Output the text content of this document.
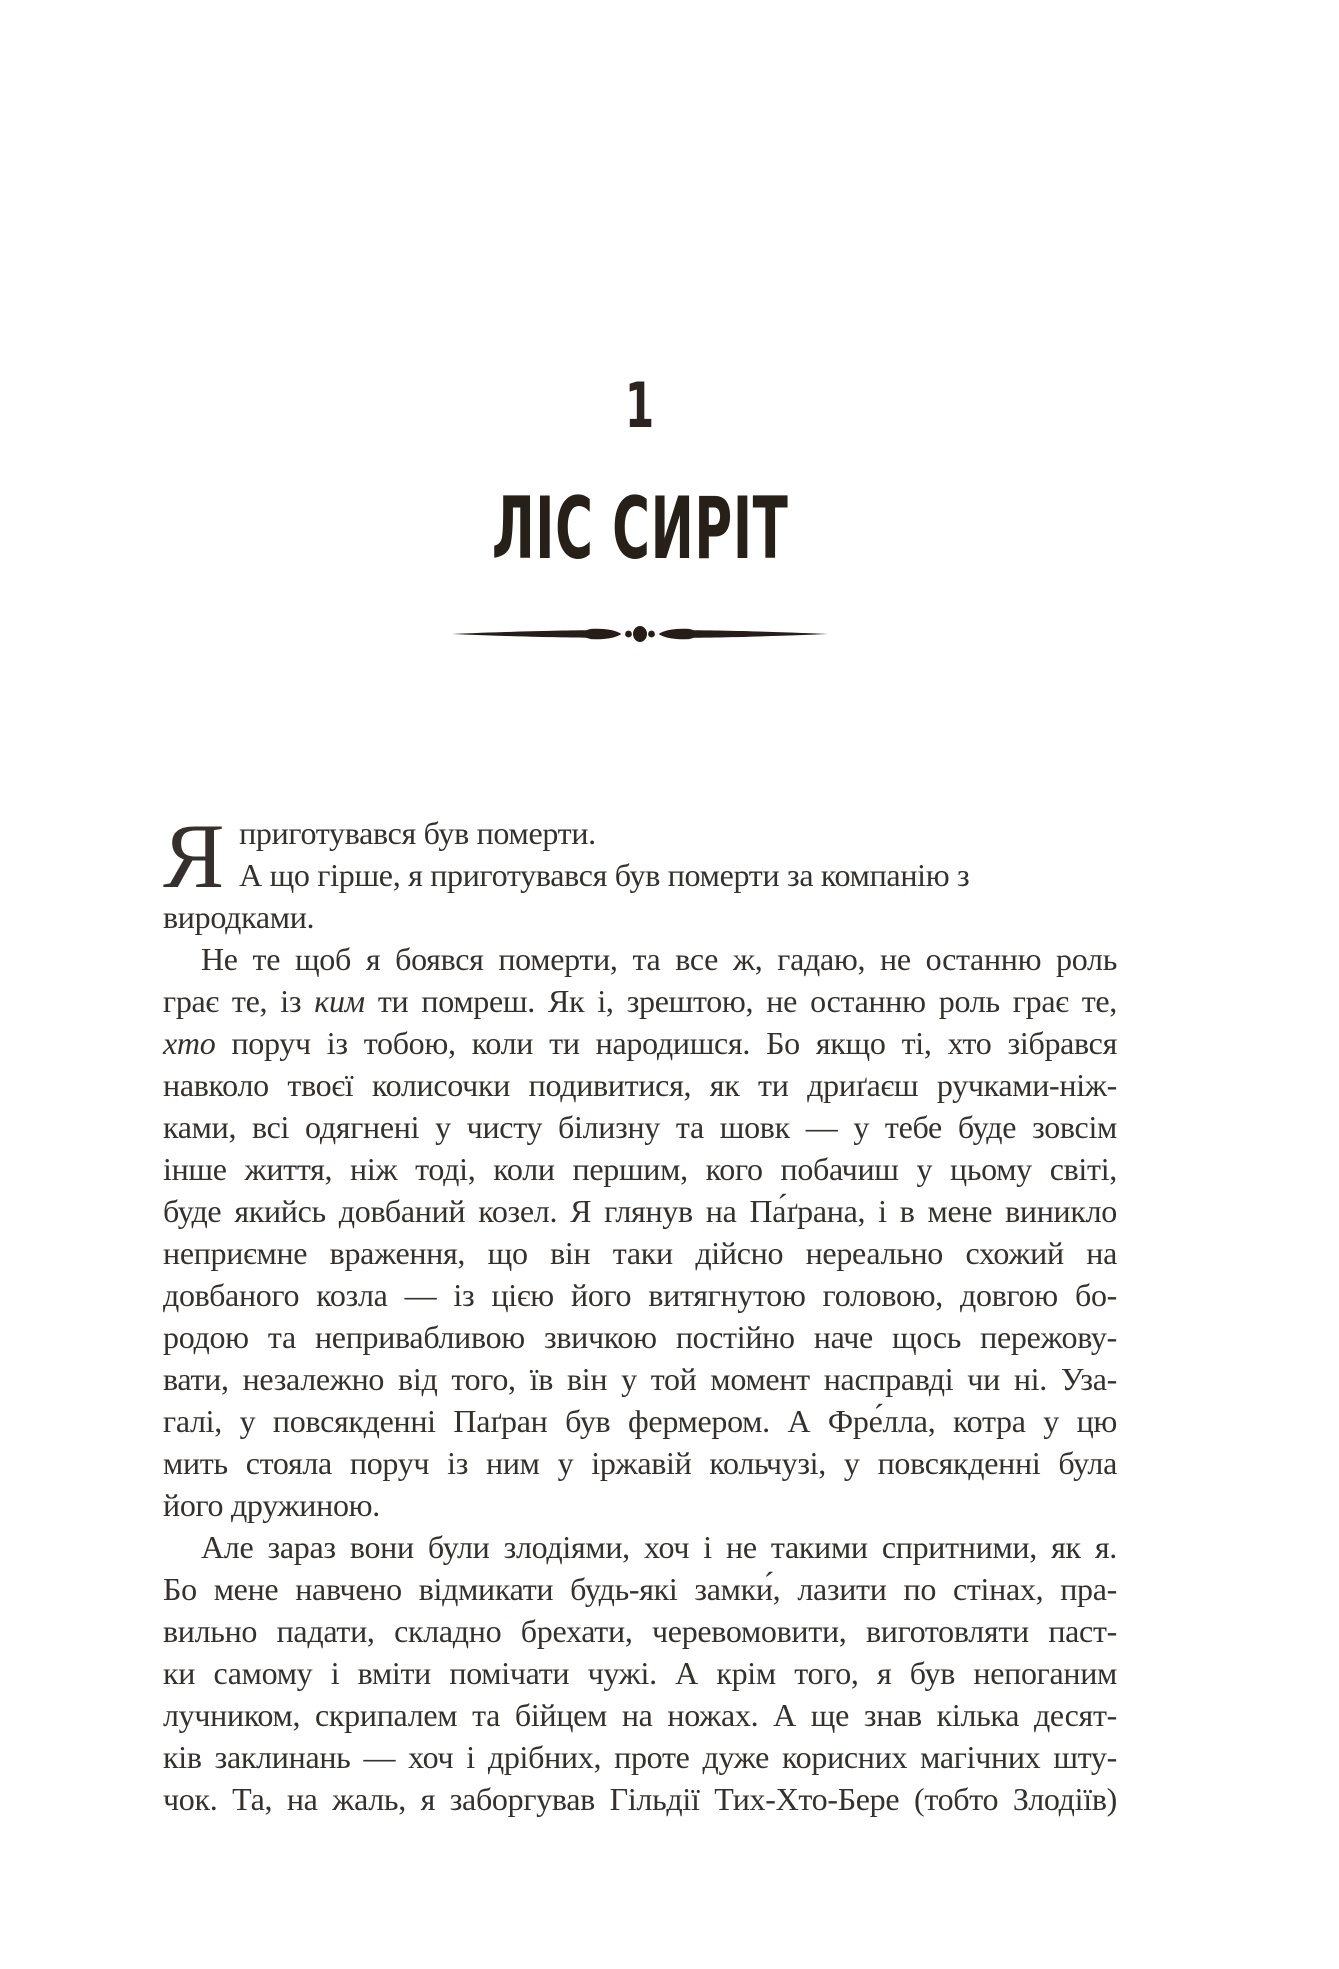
1
ЛІС СИРІТ
Я приготувався був померти.
А що гірше, я приготувався був померти за компанію з виродками.
Не те щоб я боявся померти, та все ж, гадаю, не останню роль
грає те, із ким ти помреш. Як і, зрештою, не останню роль грає те,
хто поруч із тобою, коли ти народишся. Бо якщо ті, хто зібрався
навколо твоєї колисочки подивитися, як ти дриґаєш ручками-ніж-
ками, всі одягнені у чисту білизну та шовк — у тебе буде зовсім
інше життя, ніж тоді, коли першим, кого побачиш у цьому світі,
буде якийсь довбаний козел. Я глянув на Па́ґрана, і в мене виникло
неприємне враження, що він таки дійсно нереально схожий на
довбаного козла — із цією його витягнутою головою, довгою бо-
родою та непривабливою звичкою постійно наче щось пережову-
вати, незалежно від того, їв він у той момент насправді чи ні. Уза-
галі, у повсякденні Паґран був фермером. А Фре́лла, котра у цю
мить стояла поруч із ним у іржавій кольчузі, у повсякденні була
його дружиною.
Але зараз вони були злодіями, хоч і не такими спритними, як я.
Бо мене навчено відмикати будь-які замки́, лазити по стінах, пра-
вильно падати, складно брехати, черевомовити, виготовляти паст-
ки самому і вміти помічати чужі. А крім того, я був непоганим
лучником, скрипалем та бійцем на ножах. А ще знав кілька десят-
ків заклинань — хоч і дрібних, проте дуже корисних магічних шту-
чок. Та, на жаль, я заборгував Гільдії Тих-Хто-Бере (тобто Злодіїв)
